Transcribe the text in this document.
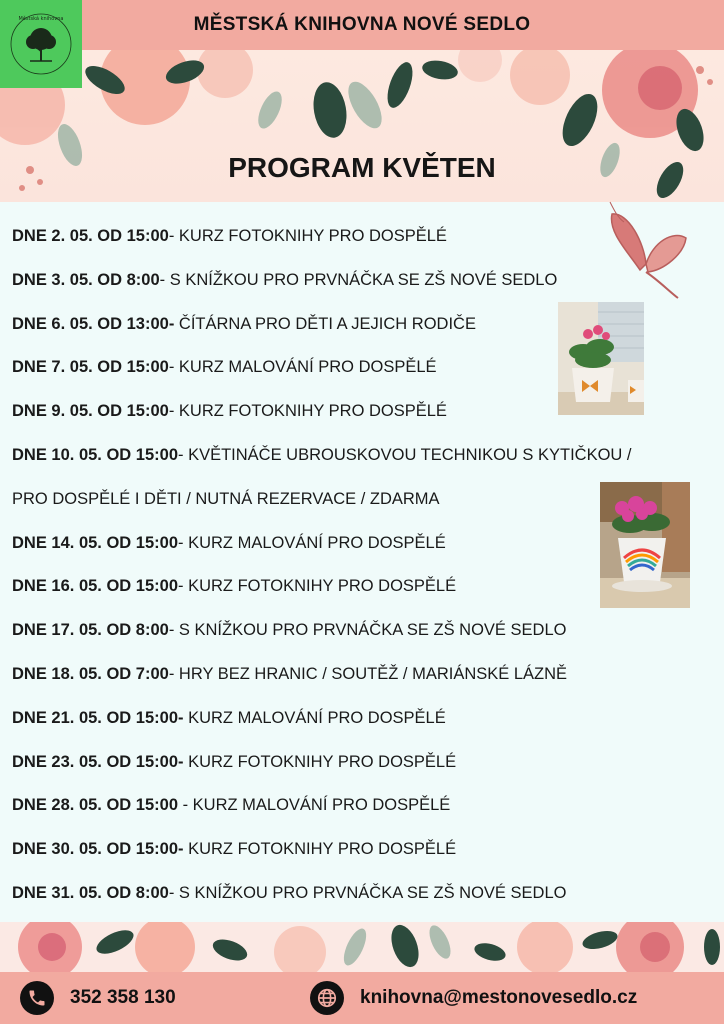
MĚSTSKÁ KNIHOVNA NOVÉ SEDLO
Městská knihovna
PROGRAM KVĚTEN
DNE 2. 05. OD 15:00- KURZ FOTOKNIHY PRO DOSPĚLÉ
DNE 3. 05. OD 8:00- S KNÍŽKOU PRO PRVNÁČKA SE ZŠ NOVÉ SEDLO
DNE 6. 05. OD 13:00- ČÍTÁRNA PRO DĚTI A JEJICH RODIČE
DNE 7. 05. OD 15:00- KURZ MALOVÁNÍ PRO DOSPĚLÉ
DNE 9. 05. OD 15:00- KURZ FOTOKNIHY PRO DOSPĚLÉ
DNE 10. 05. OD 15:00- KVĚTINÁČE UBROUSKOVOU TECHNIKOU S KYTIČKOU /
PRO DOSPĚLÉ I DĚTI / NUTNÁ REZERVACE / ZDARMA
DNE 14. 05. OD 15:00- KURZ MALOVÁNÍ PRO DOSPĚLÉ
DNE 16. 05. OD 15:00- KURZ FOTOKNIHY PRO DOSPĚLÉ
DNE 17. 05. OD 8:00- S KNÍŽKOU PRO PRVNÁČKA SE ZŠ NOVÉ SEDLO
DNE 18. 05. OD 7:00- HRY BEZ HRANIC / SOUTĚŽ / MARIÁNSKÉ LÁZNĚ
DNE 21. 05. OD 15:00- KURZ MALOVÁNÍ PRO DOSPĚLÉ
DNE 23. 05. OD 15:00- KURZ FOTOKNIHY PRO DOSPĚLÉ
DNE 28. 05. OD 15:00 - KURZ MALOVÁNÍ PRO DOSPĚLÉ
DNE 30. 05. OD 15:00- KURZ FOTOKNIHY PRO DOSPĚLÉ
DNE 31. 05. OD 8:00- S KNÍŽKOU PRO PRVNÁČKA SE ZŠ NOVÉ SEDLO
352 358 130	knihovna@mestonovesedlo.cz
